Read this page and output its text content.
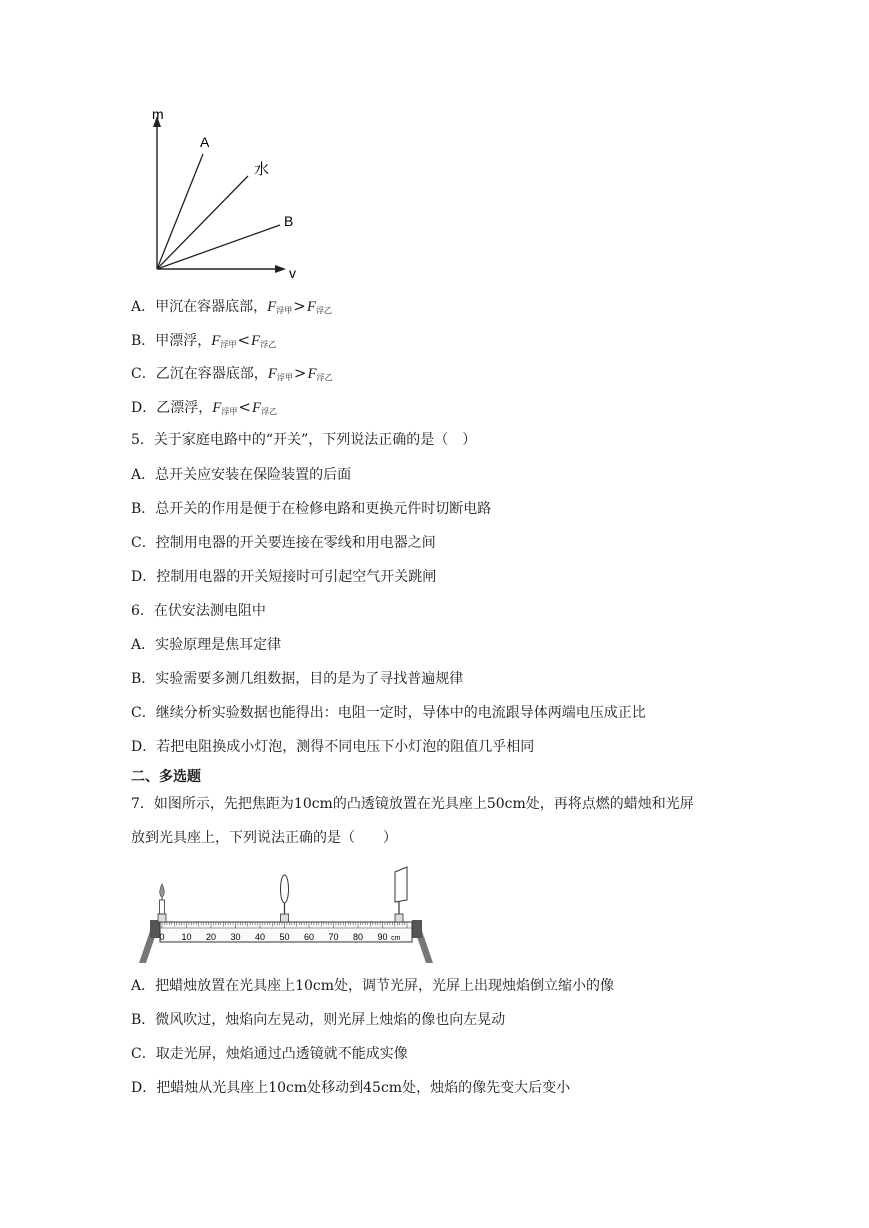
m
v
A
水
B
A．甲沉在容器底部，$F_{浮甲}>F_{浮乙}$
B．甲漂浮，$F_{浮甲}<F_{浮乙}$
C．乙沉在容器底部，$F_{浮甲}>F_{浮乙}$
D．乙漂浮，$F_{浮甲}<F_{浮乙}$
5．关于家庭电路中的“开关”，下列说法正确的是（　）
A．总开关应安装在保险装置的后面
B．总开关的作用是便于在检修电路和更换元件时切断电路
C．控制用电器的开关要连接在零线和用电器之间
D．控制用电器的开关短接时可引起空气开关跳闸
6．在伏安法测电阻中
A．实验原理是焦耳定律
B．实验需要多测几组数据，目的是为了寻找普遍规律
C．继续分析实验数据也能得出：电阻一定时，导体中的电流跟导体两端电压成正比
D．若把电阻换成小灯泡，测得不同电压下小灯泡的阻值几乎相同
二、多选题
7．如图所示，先把焦距为10cm的凸透镜放置在光具座上50cm处，再将点燃的蜡烛和光屏
放到光具座上，下列说法正确的是（　　）
0 10 20 30 40 50 60 70 80 90 cm
A．把蜡烛放置在光具座上10cm处，调节光屏，光屏上出现烛焰倒立缩小的像
B．微风吹过，烛焰向左晃动，则光屏上烛焰的像也向左晃动
C．取走光屏，烛焰通过凸透镜就不能成实像
D．把蜡烛从光具座上10cm处移动到45cm处，烛焰的像先变大后变小
